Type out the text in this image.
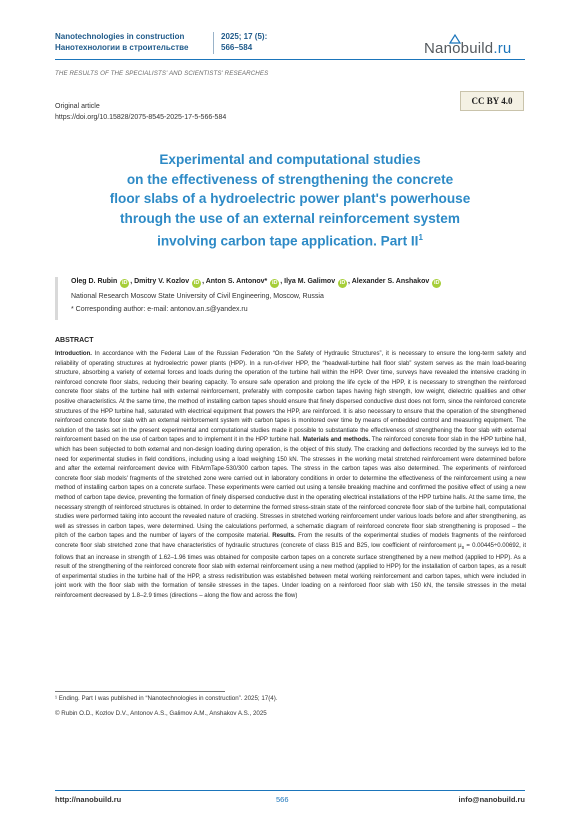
Nanotechnologies in construction
Нанотехнологии в строительстве
2025; 17 (5):
566–584	Nanobuild.ru
THE RESULTS OF THE SPECIALISTS' AND SCIENTISTS' RESEARCHES
CC BY 4.0
Original article
https://doi.org/10.15828/2075-8545-2025-17-5-566-584
Experimental and computational studies
on the effectiveness of strengthening the concrete
floor slabs of a hydroelectric power plant's powerhouse
through the use of an external reinforcement system
involving carbon tape application. Part $II^1$
Oleg D. Rubin iD , Dmitry V. Kozlov iD , Anton S. Antonov* iD , Ilya M. Galimov iD , Alexander S. Anshakov iD
National Research Moscow State University of Civil Engineering, Moscow, Russia
* Corresponding author: e-mail: antonov.an.s@yandex.ru
ABSTRACT
Introduction. In accordance with the Federal Law of the Russian Federation “On the Safety of Hydraulic Structures”, it is necessary to ensure the long-term safety and reliability of operating structures at hydroelectric power plants (HPP). In a run-of-river HPP, the “headwall-turbine hall floor slab” system serves as the main load-bearing structure, absorbing a variety of external forces and loads during the operation of the turbine hall within the HPP. Over time, surveys have revealed the intensive cracking in reinforced concrete floor slabs, reducing their bearing capacity. To ensure safe operation and prolong the life cycle of the HPP, it is necessary to strengthen the reinforced concrete floor slabs of the turbine hall with external reinforcement, preferably with composite carbon tapes having high strength, low weight, dielectric qualities and other positive characteristics. At the same time, the method of installing carbon tapes should ensure that finely dispersed conductive dust does not form, since the reinforced concrete structures of the HPP turbine hall, saturated with electrical equipment that powers the HPP, are reinforced. It is also necessary to ensure that the operation of the strengthened reinforced concrete floor slab with an external reinforcement system with carbon tapes is monitored over time by means of embedded control and measuring equipment. The solution of the tasks set in the present experimental and computational studies made it possible to substantiate the effectiveness of strengthening the floor slab with external reinforcement based on the use of carbon tapes and to implement it in the HPP turbine hall. Materials and methods. The reinforced concrete floor slab in the HPP turbine hall, which has been subjected to both external and non-design loading during operation, is the object of this study. The cracking and deflections recorded by the surveys led to the need for experimental studies in field conditions, including using a load weighing 150 kN. The stresses in the working metal stretched reinforcement were determined before and after the external reinforcement device with FibArmTape-530/300 carbon tapes. The stress in the carbon tapes was also determined. The experiments of reinforced concrete floor slab models' fragments of the stretched zone were carried out in laboratory conditions in order to determine the effectiveness of the reinforcement using a new method of installing carbon tapes on a concrete surface. These experiments were carried out using a tensile breaking machine and confirmed the positive effect of using a new method of carbon tape device, preventing the formation of finely dispersed conductive dust in the operating electrical installations of the HPP turbine halls. At the same time, the necessary strength of reinforced structures is obtained. In order to determine the formed stress-strain state of the reinforced concrete floor slab of the turbine hall, computational studies were performed taking into account the revealed nature of cracking. Stresses in stretched working reinforcement under various loads before and after strengthening, as well as stresses in carbon tapes, were determined. Using the calculations performed, a schematic diagram of reinforced concrete floor slab strengthening is proposed – the pitch of the carbon tapes and the number of layers of the composite material. Results. From the results of the experimental studies of models fragments of the reinforced concrete floor slab stretched zone that have characteristics of hydraulic structures (concrete of class B15 and B25, low coefficient of reinforcement $\mu_s = 0.00445\div 0.00692$, it follows that an increase in strength of 1.62–1.96 times was obtained for composite carbon tapes on a concrete surface strengthened by a new method (applied to HPP). As a result of the strengthening of the reinforced concrete floor slab with external reinforcement using a new method (applied to HPP) for the installation of carbon tapes, as a result of experimental studies in the turbine hall of the HPP, a stress redistribution was established between metal working reinforcement and carbon tapes, which were included in joint work with the floor slab with the formation of tensile stresses in the tapes. Under loading on a reinforced floor slab with 150 kN, the tensile stresses in the metal reinforcement decreased by 1.8–2.9 times (directions – along the flow and across the flow)
¹ Ending. Part I was published in “Nanotechnologies in construction”. 2025; 17(4).
© Rubin O.D., Kozlov D.V., Antonov A.S., Galimov A.M., Anshakov A.S., 2025
http://nanobuild.ru	566	info@nanobuild.ru
